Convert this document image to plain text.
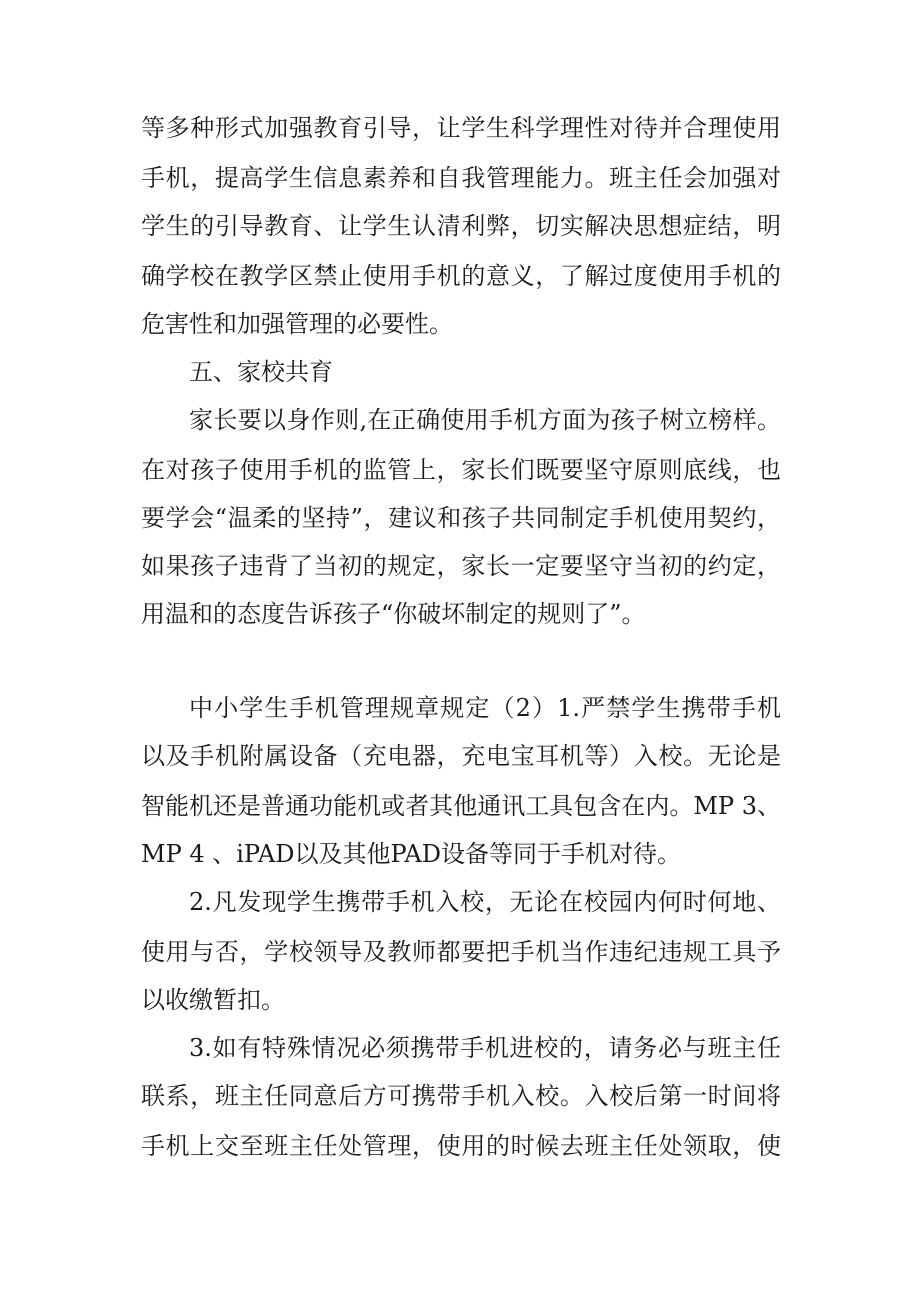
等多种形式加强教育引导，让学生科学理性对待并合理使用
手机，提高学生信息素养和自我管理能力。班主任会加强对
学生的引导教育、让学生认清利弊，切实解决思想症结，明
确学校在教学区禁止使用手机的意义，了解过度使用手机的
危害性和加强管理的必要性。
五、家校共育
家长要以身作则,在正确使用手机方面为孩子树立榜样。
在对孩子使用手机的监管上，家长们既要坚守原则底线，也
要学会“温柔的坚持”，建议和孩子共同制定手机使用契约，
如果孩子违背了当初的规定，家长一定要坚守当初的约定，
用温和的态度告诉孩子“你破坏制定的规则了”。
中小学生手机管理规章规定（2）1.严禁学生携带手机
以及手机附属设备（充电器，充电宝耳机等）入校。无论是
智能机还是普通功能机或者其他通讯工具包含在内。MP 3、
MP 4 、iPAD以及其他PAD设备等同于手机对待。
2.凡发现学生携带手机入校，无论在校园内何时何地、
使用与否，学校领导及教师都要把手机当作违纪违规工具予
以收缴暂扣。
3.如有特殊情况必须携带手机进校的，请务必与班主任
联系，班主任同意后方可携带手机入校。入校后第一时间将
手机上交至班主任处管理，使用的时候去班主任处领取，使
